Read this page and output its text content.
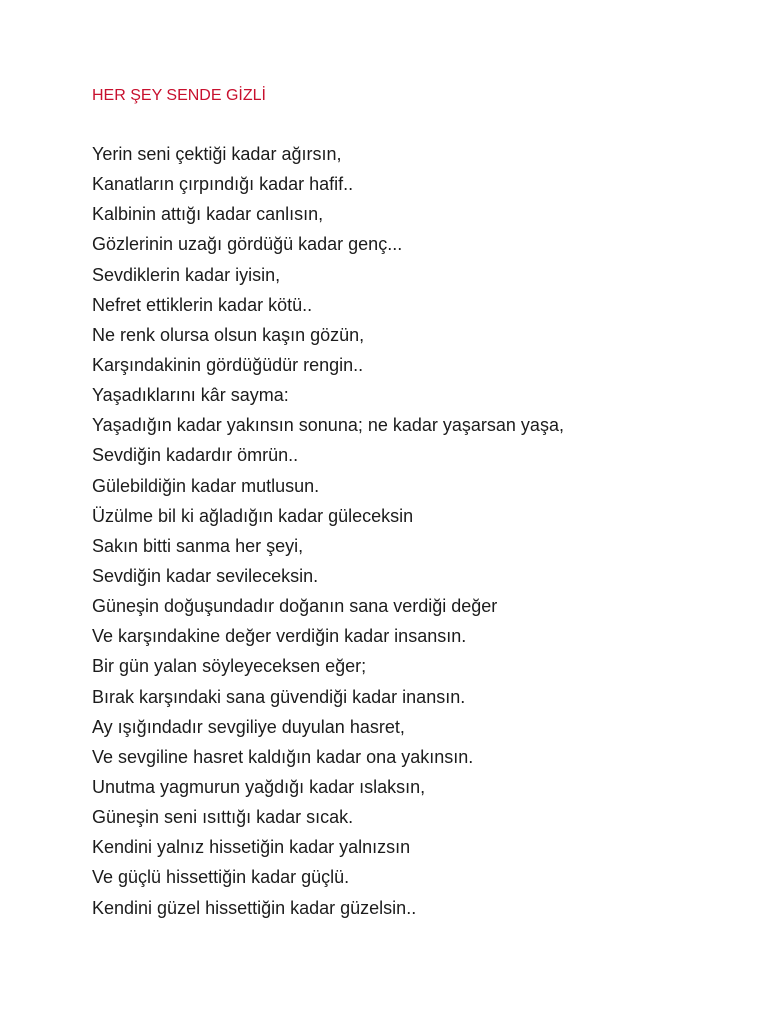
HER ŞEY SENDE GİZLİ
Yerin seni çektiği kadar ağırsın,
Kanatların çırpındığı kadar hafif..
Kalbinin attığı kadar canlısın,
Gözlerinin uzağı gördüğü kadar genç...
Sevdiklerin kadar iyisin,
Nefret ettiklerin kadar kötü..
Ne renk olursa olsun kaşın gözün,
Karşındakinin gördüğüdür rengin..
Yaşadıklarını kâr sayma:
Yaşadığın kadar yakınsın sonuna; ne kadar yaşarsan yaşa,
Sevdiğin kadardır ömrün..
Gülebildiğin kadar mutlusun.
Üzülme bil ki ağladığın kadar güleceksin
Sakın bitti sanma her şeyi,
Sevdiğin kadar sevileceksin.
Güneşin doğuşundadır doğanın sana verdiği değer
Ve karşındakine değer verdiğin kadar insansın.
Bir gün yalan söyleyeceksen eğer;
Bırak karşındaki sana güvendiği kadar inansın.
Ay ışığındadır sevgiliye duyulan hasret,
Ve sevgiline hasret kaldığın kadar ona yakınsın.
Unutma yagmurun yağdığı kadar ıslaksın,
Güneşin seni ısıttığı kadar sıcak.
Kendini yalnız hissetiğin kadar yalnızsın
Ve güçlü hissettiğin kadar güçlü.
Kendini güzel hissettiğin kadar güzelsin..
